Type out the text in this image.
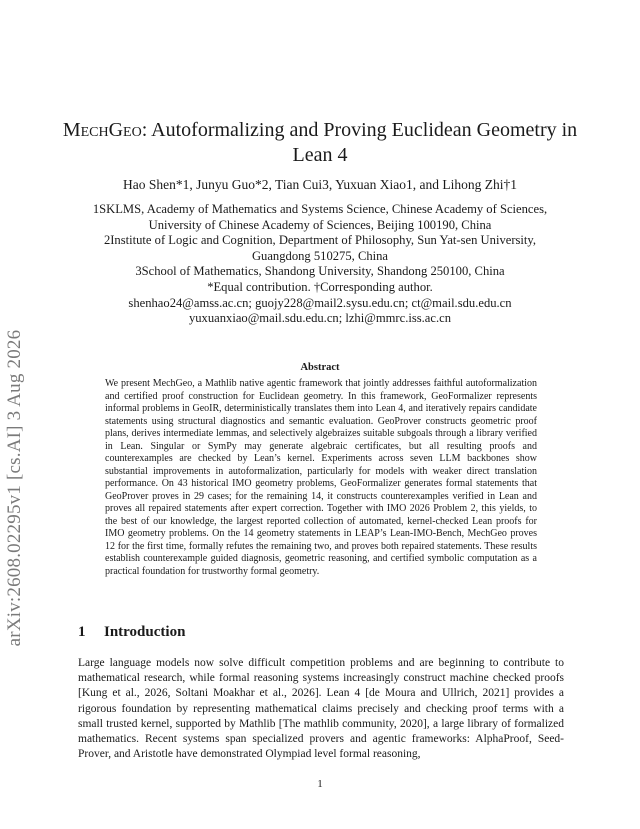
arXiv:2608.02295v1 [cs.AI] 3 Aug 2026
MechGeo: Autoformalizing and Proving Euclidean Geometry in
Lean 4
Hao Shen*1, Junyu Guo*2, Tian Cui3, Yuxuan Xiao1, and Lihong Zhi†1
1SKLMS, Academy of Mathematics and Systems Science, Chinese Academy of Sciences,
University of Chinese Academy of Sciences, Beijing 100190, China
2Institute of Logic and Cognition, Department of Philosophy, Sun Yat-sen University,
Guangdong 510275, China
3School of Mathematics, Shandong University, Shandong 250100, China
*Equal contribution. †Corresponding author.
shenhao24@amss.ac.cn; guojy228@mail2.sysu.edu.cn; ct@mail.sdu.edu.cn
yuxuanxiao@mail.sdu.edu.cn; lzhi@mmrc.iss.ac.cn
Abstract
We present MechGeo, a Mathlib native agentic framework that jointly addresses faithful autoformalization and certified proof construction for Euclidean geometry. In this framework, GeoFormalizer represents informal problems in GeoIR, deterministically translates them into Lean 4, and iteratively repairs candidate statements using structural diagnostics and semantic evaluation. GeoProver constructs geometric proof plans, derives intermediate lemmas, and selectively algebraizes suitable subgoals through a library verified in Lean. Singular or SymPy may generate algebraic certificates, but all resulting proofs and counterexamples are checked by Lean’s kernel. Experiments across seven LLM backbones show substantial improvements in autoformalization, particularly for models with weaker direct translation performance. On 43 historical IMO geometry problems, GeoFormalizer generates formal statements that GeoProver proves in 29 cases; for the remaining 14, it constructs counterexamples verified in Lean and proves all repaired statements after expert correction. Together with IMO 2026 Problem 2, this yields, to the best of our knowledge, the largest reported collection of automated, kernel-checked Lean proofs for IMO geometry problems. On the 14 geometry statements in LEAP’s Lean-IMO-Bench, MechGeo proves 12 for the first time, formally refutes the remaining two, and proves both repaired statements. These results establish counterexample guided diagnosis, geometric reasoning, and certified symbolic computation as a practical foundation for trustworthy formal geometry.
1 Introduction
Large language models now solve difficult competition problems and are beginning to contribute to mathematical research, while formal reasoning systems increasingly construct machine checked proofs [Kung et al., 2026, Soltani Moakhar et al., 2026]. Lean 4 [de Moura and Ullrich, 2021] provides a rigorous foundation by representing mathematical claims precisely and checking proof terms with a small trusted kernel, supported by Mathlib [The mathlib community, 2020], a large library of formalized mathematics. Recent systems span specialized provers and agentic frameworks: AlphaProof, Seed-Prover, and Aristotle have demonstrated Olympiad level formal reasoning,
1
